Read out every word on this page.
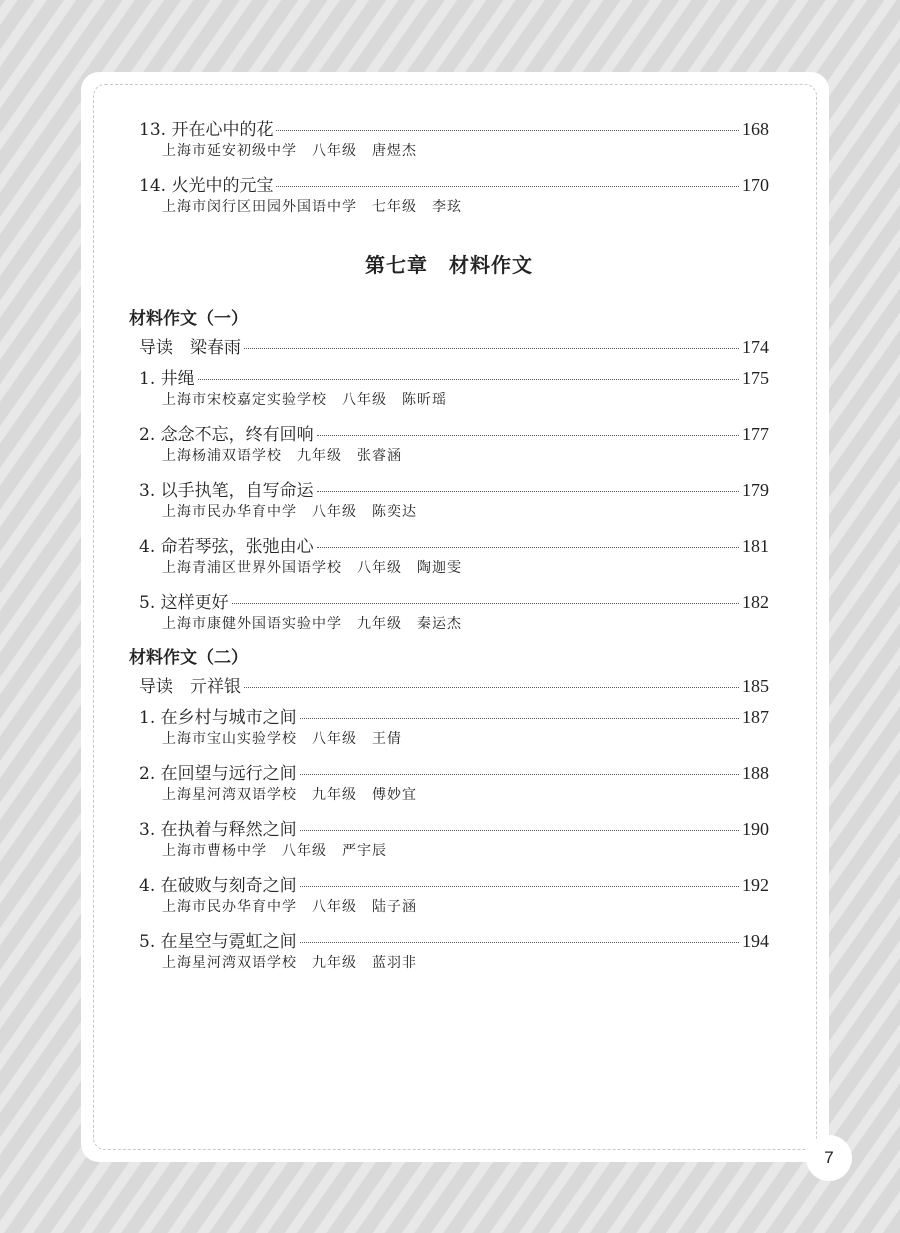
13. 开在心中的花	168
上海市延安初级中学　八年级　唐煜杰
14. 火光中的元宝	170
上海市闵行区田园外国语中学　七年级　李玹
第七章　材料作文
材料作文（一）
导读　梁春雨	174
1. 井绳	175
上海市宋校嘉定实验学校　八年级　陈昕瑶
2. 念念不忘，终有回响	177
上海杨浦双语学校　九年级　张睿涵
3. 以手执笔，自写命运	179
上海市民办华育中学　八年级　陈奕达
4. 命若琴弦，张弛由心	181
上海青浦区世界外国语学校　八年级　陶迦雯
5. 这样更好	182
上海市康健外国语实验中学　九年级　秦运杰
材料作文（二）
导读　亓祥银	185
1. 在乡村与城市之间	187
上海市宝山实验学校　八年级　王倩
2. 在回望与远行之间	188
上海星河湾双语学校　九年级　傅妙宜
3. 在执着与释然之间	190
上海市曹杨中学　八年级　严宇辰
4. 在破败与刻奇之间	192
上海市民办华育中学　八年级　陆子涵
5. 在星空与霓虹之间	194
上海星河湾双语学校　九年级　蓝羽非
7
